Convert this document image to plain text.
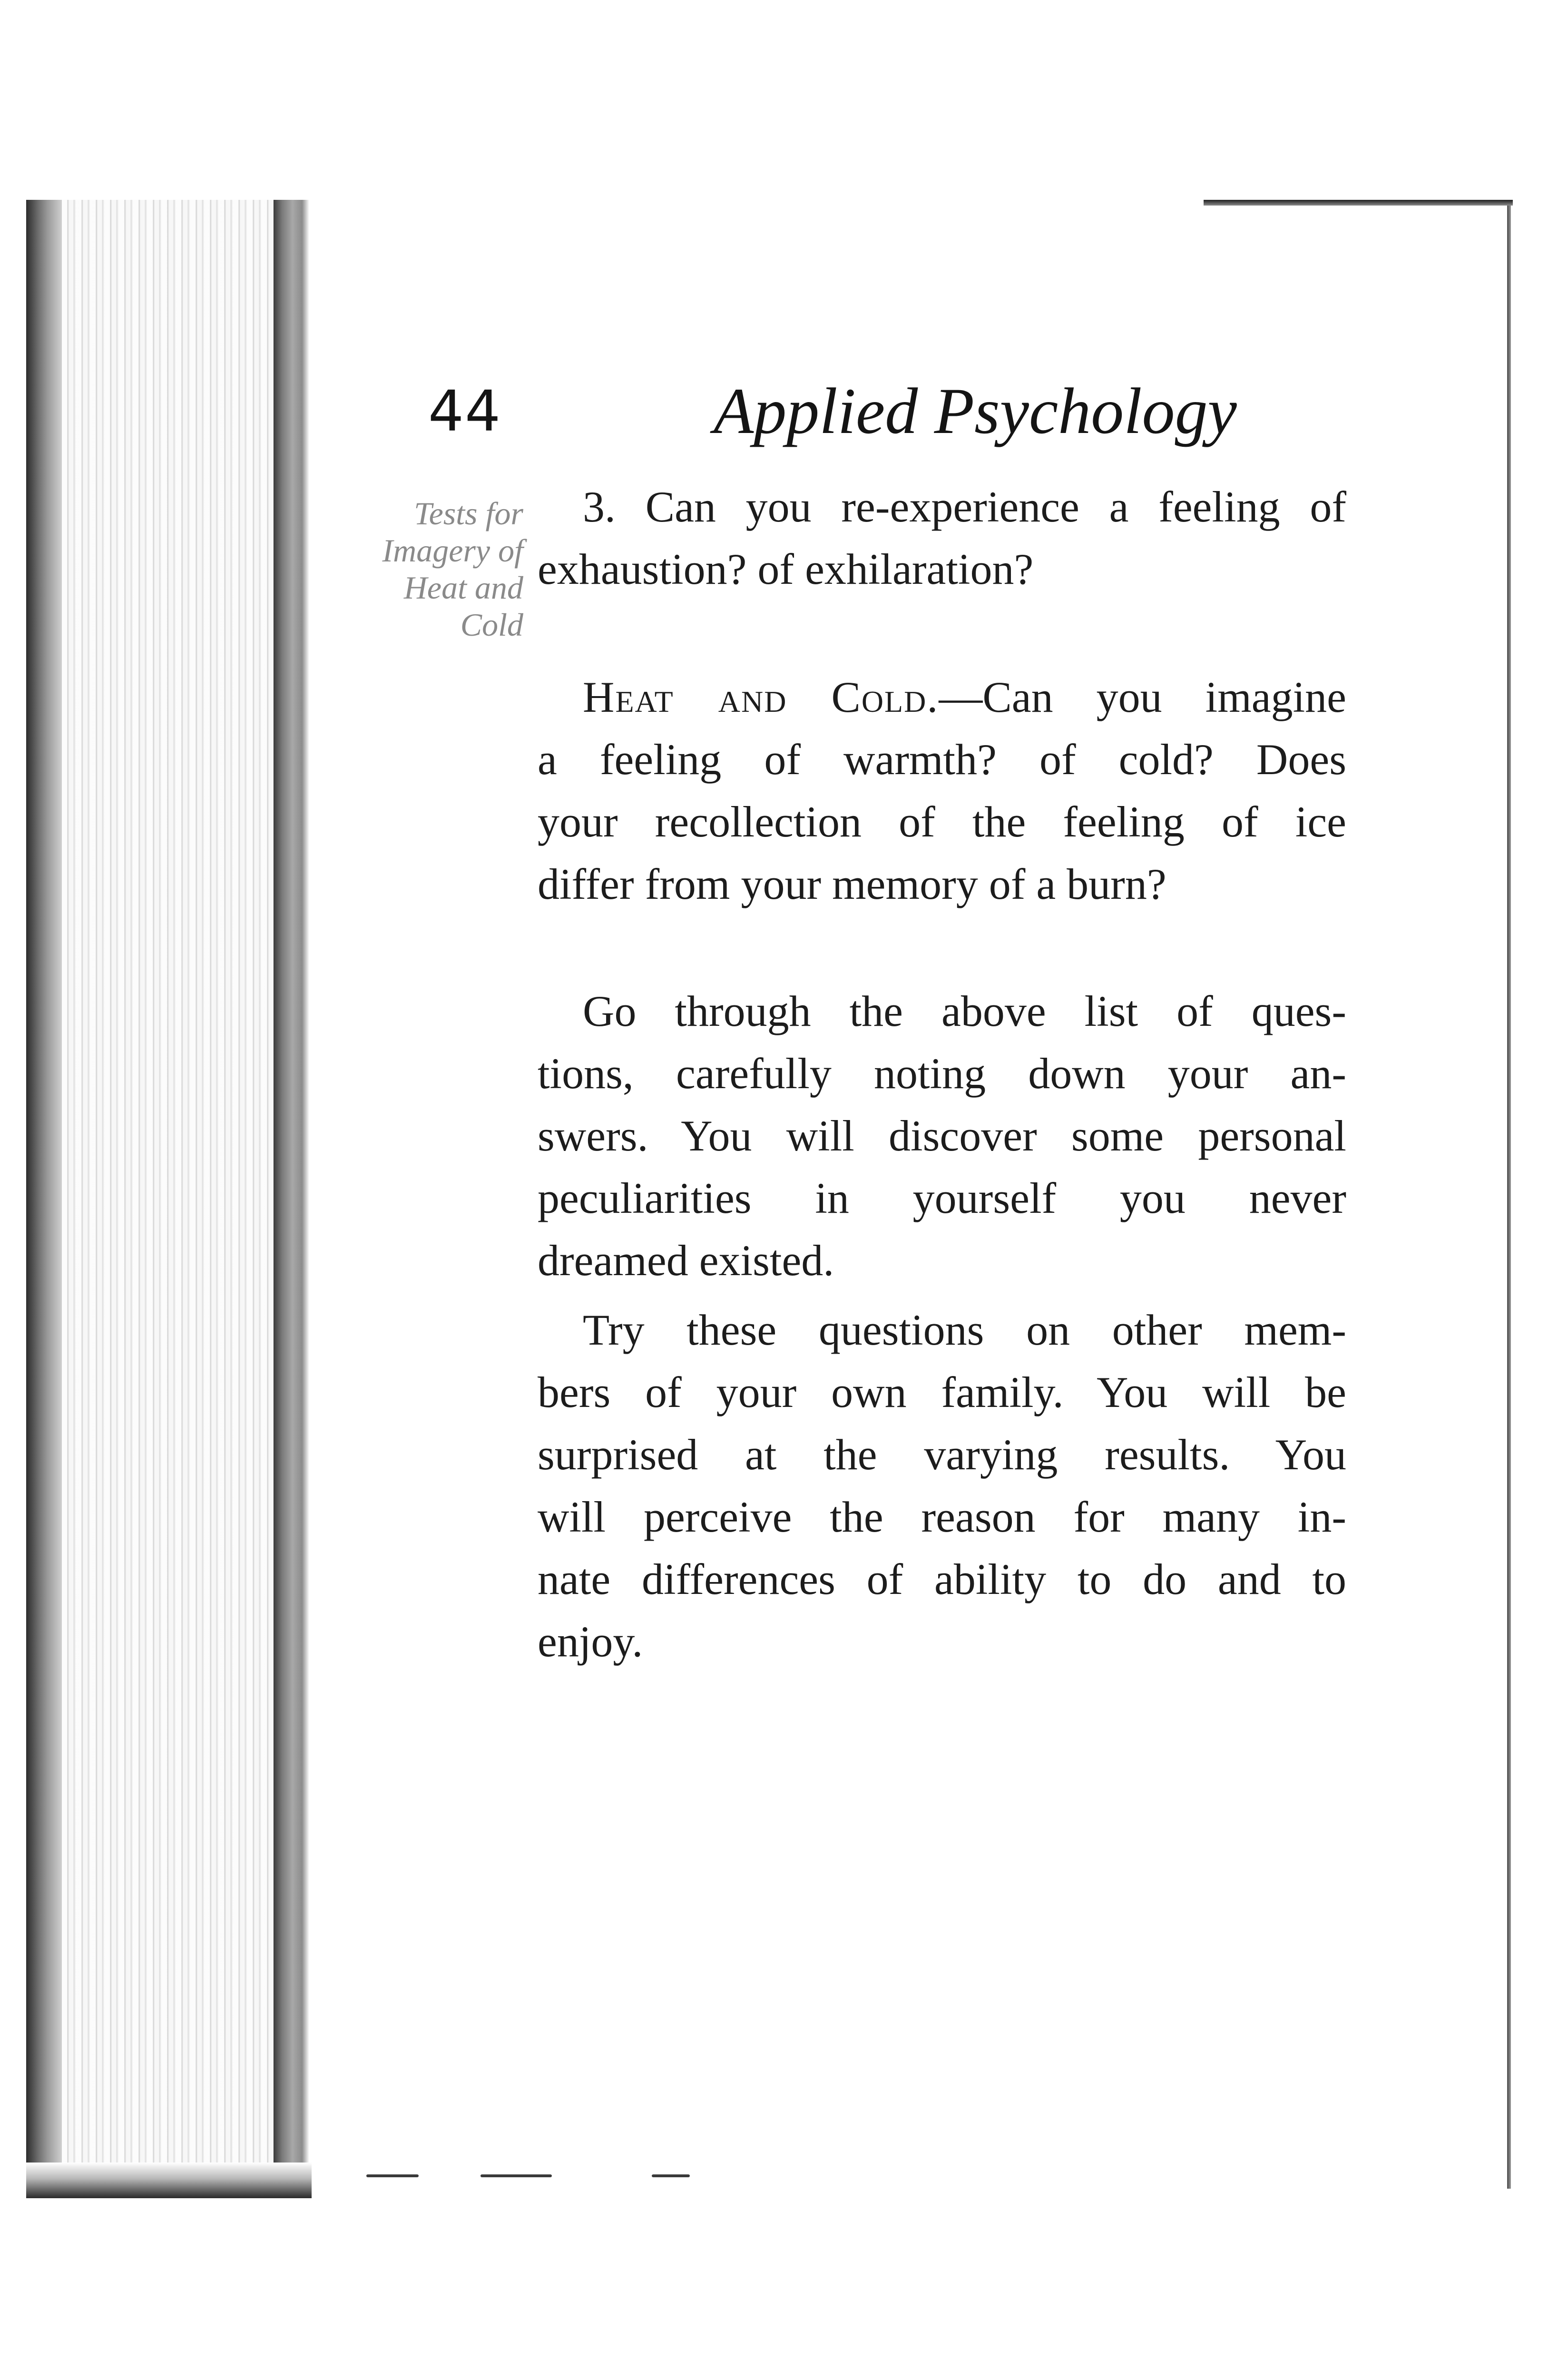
44	Applied Psychology
Tests for
Imagery of
Heat and
Cold
3. Can you re-experience a feeling of
exhaustion? of exhilaration?
Heat and Cold.—Can you imagine
a feeling of warmth? of cold? Does
your recollection of the feeling of ice
differ from your memory of a burn?
Go through the above list of ques-
tions, carefully noting down your an-
swers. You will discover some personal
peculiarities in yourself you never
dreamed existed.
Try these questions on other mem-
bers of your own family. You will be
surprised at the varying results. You
will perceive the reason for many in-
nate differences of ability to do and to
enjoy.
